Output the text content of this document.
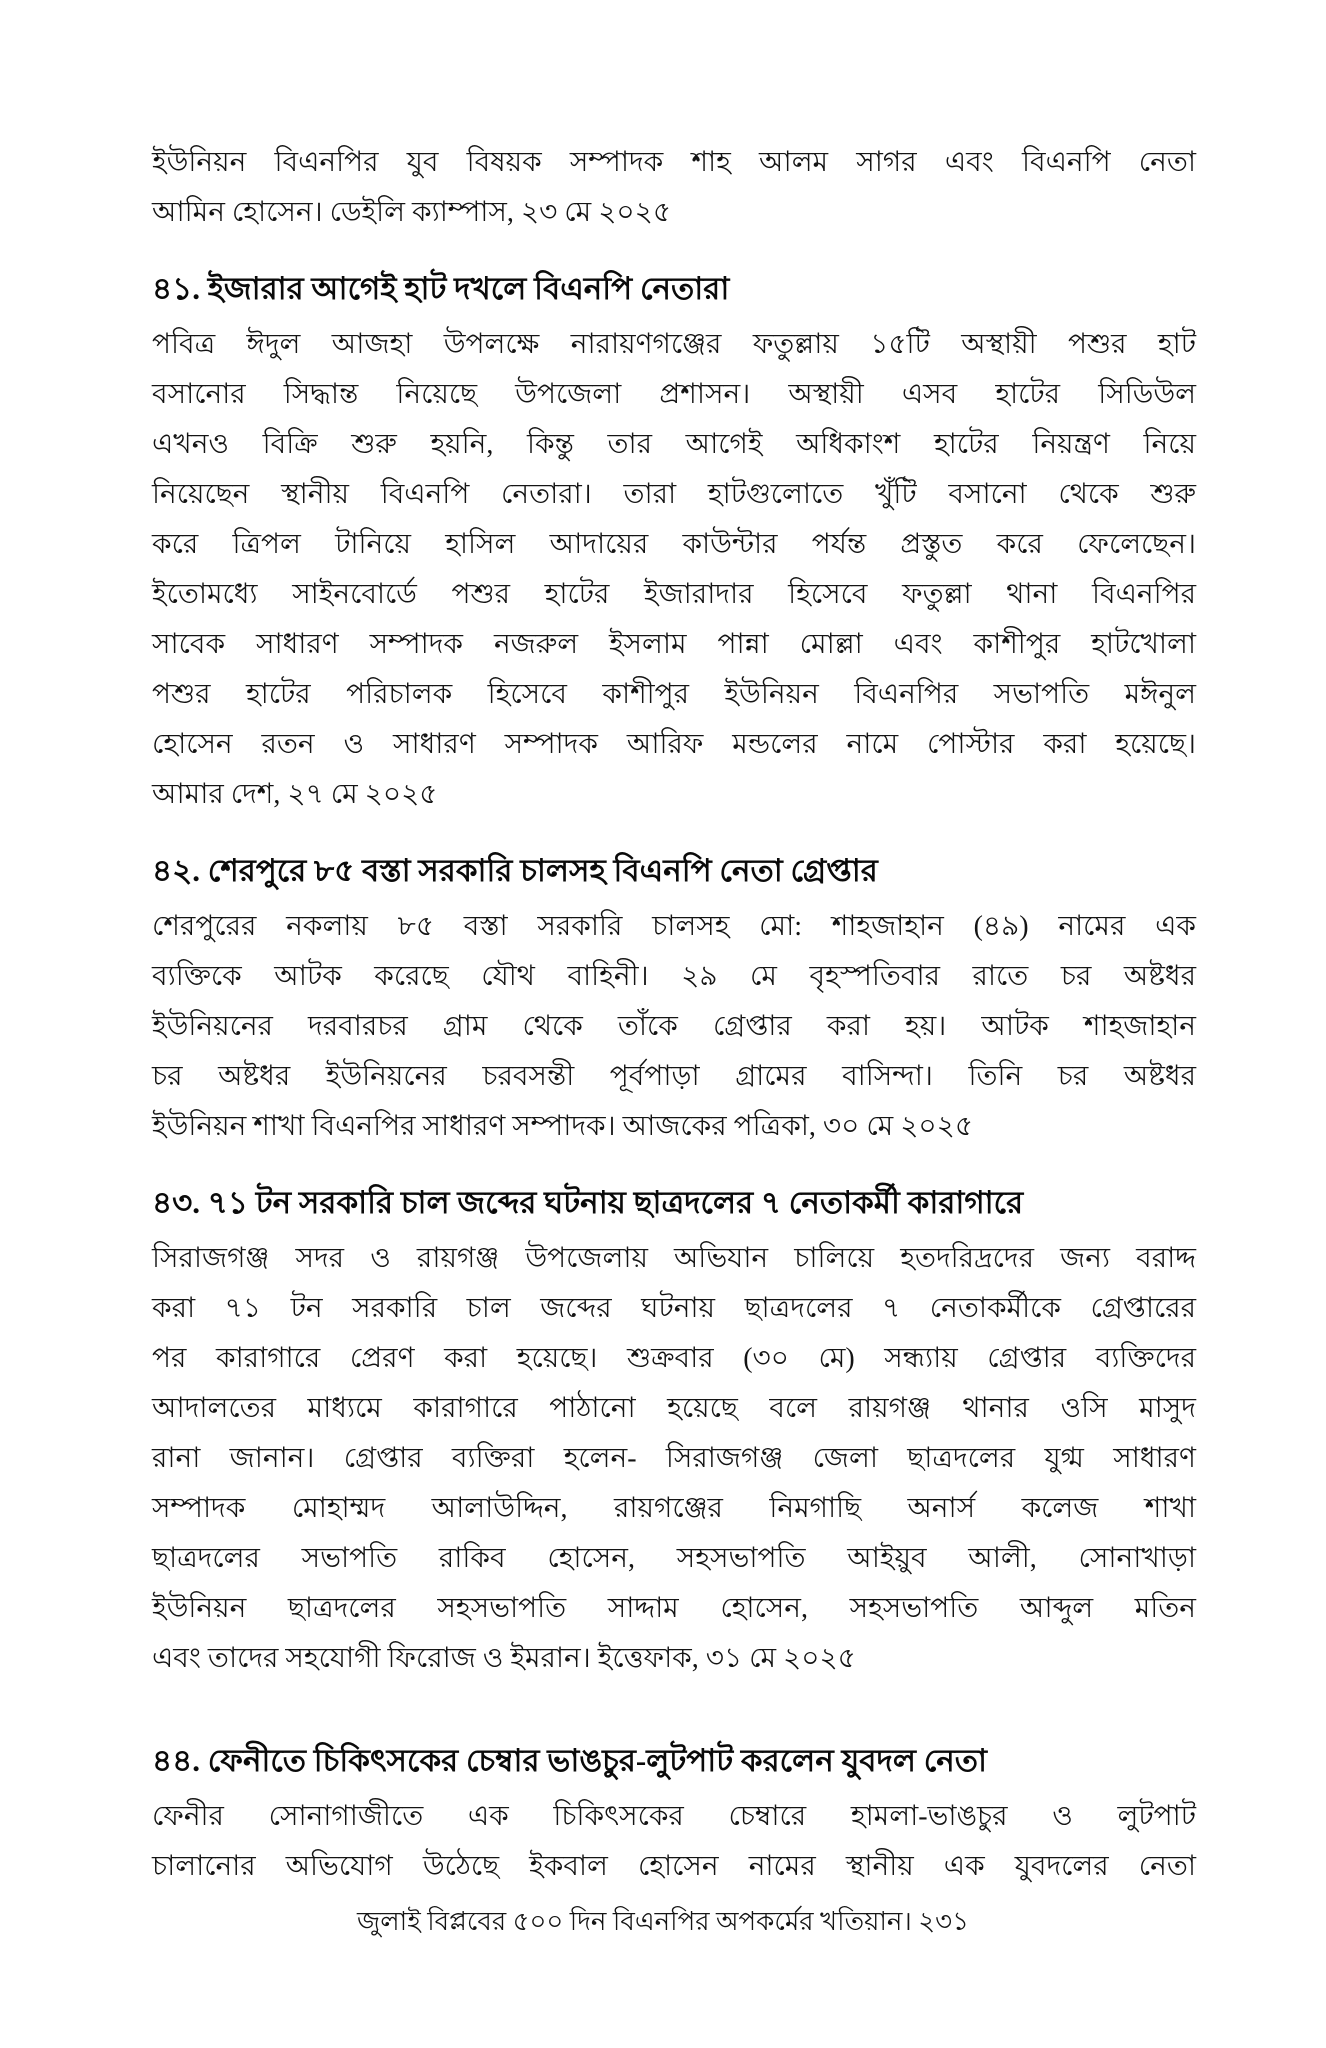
ইউনিয়ন বিএনপির যুব বিষয়ক সম্পাদক শাহ আলম সাগর এবং বিএনপি নেতা
আমিন হোসেন। ডেইলি ক্যাম্পাস, ২৩ মে ২০২৫
৪১. ইজারার আগেই হাট দখলে বিএনপি নেতারা
পবিত্র ঈদুল আজহা উপলক্ষে নারায়ণগঞ্জের ফতুল্লায় ১৫টি অস্থায়ী পশুর হাট
বসানোর সিদ্ধান্ত নিয়েছে উপজেলা প্রশাসন। অস্থায়ী এসব হাটের সিডিউল
এখনও বিক্রি শুরু হয়নি, কিন্তু তার আগেই অধিকাংশ হাটের নিয়ন্ত্রণ নিয়ে
নিয়েছেন স্থানীয় বিএনপি নেতারা। তারা হাটগুলোতে খুঁটি বসানো থেকে শুরু
করে ত্রিপল টানিয়ে হাসিল আদায়ের কাউন্টার পর্যন্ত প্রস্তুত করে ফেলেছেন।
ইতোমধ্যে সাইনবোর্ডে পশুর হাটের ইজারাদার হিসেবে ফতুল্লা থানা বিএনপির
সাবেক সাধারণ সম্পাদক নজরুল ইসলাম পান্না মোল্লা এবং কাশীপুর হাটখোলা
পশুর হাটের পরিচালক হিসেবে কাশীপুর ইউনিয়ন বিএনপির সভাপতি মঈনুল
হোসেন রতন ও সাধারণ সম্পাদক আরিফ মন্ডলের নামে পোস্টার করা হয়েছে।
আমার দেশ, ২৭ মে ২০২৫
৪২. শেরপুরে ৮৫ বস্তা সরকারি চালসহ বিএনপি নেতা গ্রেপ্তার
শেরপুরের নকলায় ৮৫ বস্তা সরকারি চালসহ মো: শাহজাহান (৪৯) নামের এক
ব্যক্তিকে আটক করেছে যৌথ বাহিনী। ২৯ মে বৃহস্পতিবার রাতে চর অষ্টধর
ইউনিয়নের দরবারচর গ্রাম থেকে তাঁকে গ্রেপ্তার করা হয়। আটক শাহজাহান
চর অষ্টধর ইউনিয়নের চরবসন্তী পূর্বপাড়া গ্রামের বাসিন্দা। তিনি চর অষ্টধর
ইউনিয়ন শাখা বিএনপির সাধারণ সম্পাদক। আজকের পত্রিকা, ৩০ মে ২০২৫
৪৩. ৭১ টন সরকারি চাল জব্দের ঘটনায় ছাত্রদলের ৭ নেতাকর্মী কারাগারে
সিরাজগঞ্জ সদর ও রায়গঞ্জ উপজেলায় অভিযান চালিয়ে হতদরিদ্রদের জন্য বরাদ্দ
করা ৭১ টন সরকারি চাল জব্দের ঘটনায় ছাত্রদলের ৭ নেতাকর্মীকে গ্রেপ্তারের
পর কারাগারে প্রেরণ করা হয়েছে। শুক্রবার (৩০ মে) সন্ধ্যায় গ্রেপ্তার ব্যক্তিদের
আদালতের মাধ্যমে কারাগারে পাঠানো হয়েছে বলে রায়গঞ্জ থানার ওসি মাসুদ
রানা জানান। গ্রেপ্তার ব্যক্তিরা হলেন- সিরাজগঞ্জ জেলা ছাত্রদলের যুগ্ম সাধারণ
সম্পাদক মোহাম্মদ আলাউদ্দিন, রায়গঞ্জের নিমগাছি অনার্স কলেজ শাখা
ছাত্রদলের সভাপতি রাকিব হোসেন, সহসভাপতি আইয়ুব আলী, সোনাখাড়া
ইউনিয়ন ছাত্রদলের সহসভাপতি সাদ্দাম হোসেন, সহসভাপতি আব্দুল মতিন
এবং তাদের সহযোগী ফিরোজ ও ইমরান। ইত্তেফাক, ৩১ মে ২০২৫
৪৪. ফেনীতে চিকিৎসকের চেম্বার ভাঙচুর-লুটপাট করলেন যুবদল নেতা
ফেনীর সোনাগাজীতে এক চিকিৎসকের চেম্বারে হামলা-ভাঙচুর ও লুটপাট
চালানোর অভিযোগ উঠেছে ইকবাল হোসেন নামের স্থানীয় এক যুবদলের নেতা
জুলাই বিপ্লবের ৫০০ দিন বিএনপির অপকর্মের খতিয়ান। ২৩১
